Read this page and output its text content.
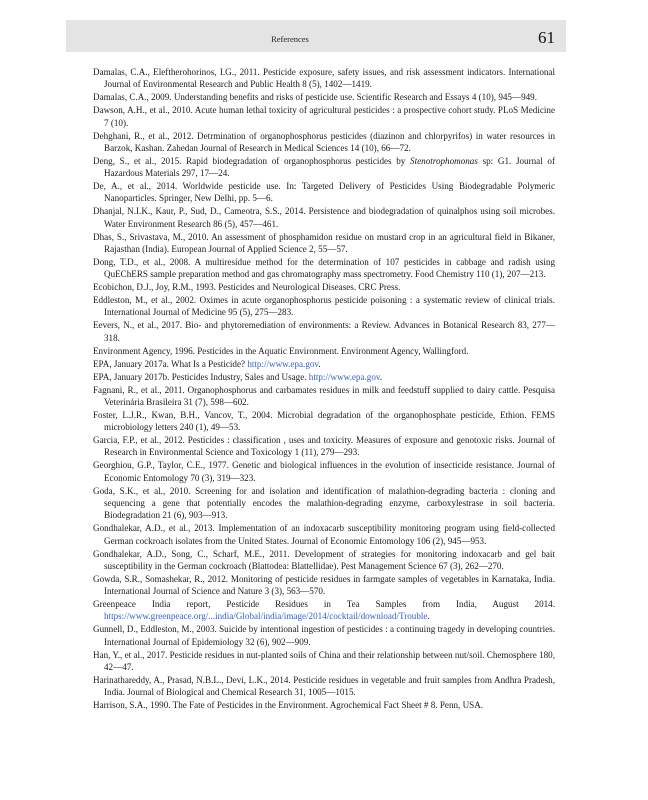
References	61

Damalas, C.A., Eleftherohorinos, I.G., 2011. Pesticide exposure, safety issues, and risk assessment indicators. International Journal of Environmental Research and Public Health 8 (5), 1402—1419.

Damalas, C.A., 2009. Understanding benefits and risks of pesticide use. Scientific Research and Essays 4 (10), 945—949.

Dawson, A.H., et al., 2010. Acute human lethal toxicity of agricultural pesticides : a prospective cohort study. PLoS Medicine 7 (10).

Dehghani, R., et al., 2012. Detrmination of organophosphorus pesticides (diazinon and chlorpyrifos) in water resources in Barzok, Kashan. Zahedan Journal of Research in Medical Sciences 14 (10), 66—72.

Deng, S., et al., 2015. Rapid biodegradation of organophosphorus pesticides by Stenotrophomonas sp: G1. Journal of Hazardous Materials 297, 17—24.

De, A., et al., 2014. Worldwide pesticide use. In: Targeted Delivery of Pesticides Using Biodegradable Polymeric Nanoparticles. Springer, New Delhi, pp. 5—6.

Dhanjal, N.I.K., Kaur, P., Sud, D., Cameotra, S.S., 2014. Persistence and biodegradation of quinalphos using soil microbes. Water Environment Research 86 (5), 457—461.

Dhas, S., Srivastava, M., 2010. An assessment of phosphamidon residue on mustard crop in an agricultural field in Bikaner, Rajasthan (India). European Journal of Applied Science 2, 55—57.

Dong, T.D., et al., 2008. A multiresidue method for the determination of 107 pesticides in cabbage and radish using QuEChERS sample preparation method and gas chromatography mass spectrometry. Food Chemistry 110 (1), 207—213.

Ecobichon, D.J., Joy, R.M., 1993. Pesticides and Neurological Diseases. CRC Press.

Eddleston, M., et al., 2002. Oximes in acute organophosphorus pesticide poisoning : a systematic review of clinical trials. International Journal of Medicine 95 (5), 275—283.

Eevers, N., et al., 2017. Bio- and phytoremediation of environments: a Review. Advances in Botanical Research 83, 277—318.

Environment Agency, 1996. Pesticides in the Aquatic Environment. Environment Agency, Wallingford.

EPA, January 2017a. What Is a Pesticide? http://www.epa.gov.

EPA, January 2017b. Pesticides Industry, Sales and Usage. http://www.epa.gov.

Fagnani, R., et al., 2011. Organophosphorus and carbamates residues in milk and feedstuff supplied to dairy cattle. Pesquisa Veterinária Brasileira 31 (7), 598—602.

Foster, L.J.R., Kwan, B.H., Vancov, T., 2004. Microbial degradation of the organophosphate pesticide, Ethion. FEMS microbiology letters 240 (1), 49—53.

Garcia, F.P., et al., 2012. Pesticides : classification , uses and toxicity. Measures of exposure and genotoxic risks. Journal of Research in Environmental Science and Toxicology 1 (11), 279—293.

Georghiou, G.P., Taylor, C.E., 1977. Genetic and biological influences in the evolution of insecticide resistance. Journal of Economic Entomology 70 (3), 319—323.

Goda, S.K., et al., 2010. Screening for and isolation and identification of malathion-degrading bacteria : cloning and sequencing a gene that potentially encodes the malathion-degrading enzyme, carboxylestrase in soil bacteria. Biodegradation 21 (6), 903—913.

Gondhalekar, A.D., et al., 2013. Implementation of an indoxacarb susceptibility monitoring program using field-collected German cockroach isolates from the United States. Journal of Economic Entomology 106 (2), 945—953.

Gondhalekar, A.D., Song, C., Scharf, M.E., 2011. Development of strategies for monitoring indoxacarb and gel bait susceptibility in the German cockroach (Blattodea: Blattellidae). Pest Management Science 67 (3), 262—270.

Gowda, S.R., Somashekar, R., 2012. Monitoring of pesticide residues in farmgate samples of vegetables in Karnataka, India. International Journal of Science and Nature 3 (3), 563—570.

Greenpeace India report, Pesticide Residues in Tea Samples from India, August 2014. https://www.greenpeace.org/...india/Global/india/image/2014/cocktail/download/Trouble.

Gunnell, D., Eddleston, M., 2003. Suicide by intentional ingestion of pesticides : a continuing tragedy in developing countries. International Journal of Epidemiology 32 (6), 902—909.

Han, Y., et al., 2017. Pesticide residues in nut-planted soils of China and their relationship between nut/soil. Chemosphere 180, 42—47.

Harinathareddy, A., Prasad, N.B.L., Devi, L.K., 2014. Pesticide residues in vegetable and fruit samples from Andhra Pradesh, India. Journal of Biological and Chemical Research 31, 1005—1015.

Harrison, S.A., 1990. The Fate of Pesticides in the Environment. Agrochemical Fact Sheet # 8. Penn, USA.
